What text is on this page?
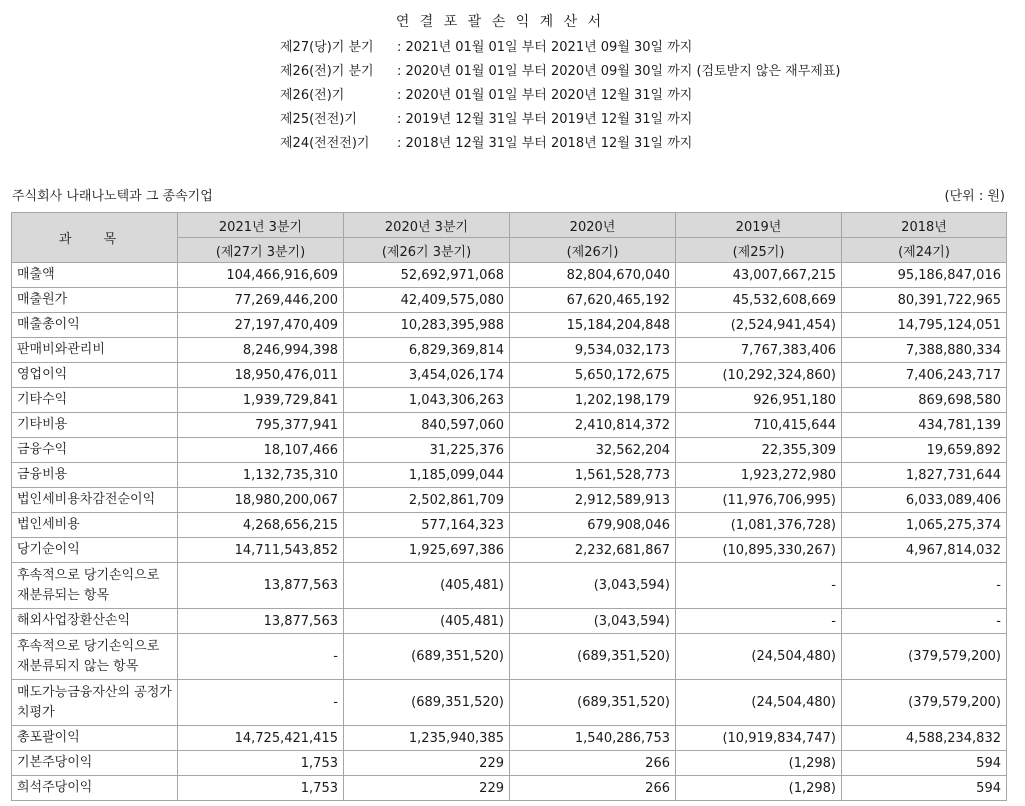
연 결 포 괄 손 익 계 산 서
제27(당)기 분기 : 2021년 01월 01일 부터 2021년 09월 30일 까지
제26(전)기 분기 : 2020년 01월 01일 부터 2020년 09월 30일 까지 (검토받지 않은 재무제표)
제26(전)기	: 2020년 01월 01일 부터 2020년 12월 31일 까지
제25(전전)기	: 2019년 12월 31일 부터 2019년 12월 31일 까지
제24(전전전)기 : 2018년 12월 31일 부터 2018년 12월 31일 까지
주식회사 나래나노텍과 그 종속기업	(단위 : 원)
과 목	2021년 3분기	2020년 3분기	2020년	2019년	2018년
	(제27기 3분기)	(제26기 3분기)	(제26기)	(제25기)	(제24기)
매출액	104,466,916,609	52,692,971,068	82,804,670,040	43,007,667,215	95,186,847,016
매출원가	77,269,446,200	42,409,575,080	67,620,465,192	45,532,608,669	80,391,722,965
매출총이익	27,197,470,409	10,283,395,988	15,184,204,848	(2,524,941,454)	14,795,124,051
판매비와관리비	8,246,994,398	6,829,369,814	9,534,032,173	7,767,383,406	7,388,880,334
영업이익	18,950,476,011	3,454,026,174	5,650,172,675	(10,292,324,860)	7,406,243,717
기타수익	1,939,729,841	1,043,306,263	1,202,198,179	926,951,180	869,698,580
기타비용	795,377,941	840,597,060	2,410,814,372	710,415,644	434,781,139
금융수익	18,107,466	31,225,376	32,562,204	22,355,309	19,659,892
금융비용	1,132,735,310	1,185,099,044	1,561,528,773	1,923,272,980	1,827,731,644
법인세비용차감전순이익	18,980,200,067	2,502,861,709	2,912,589,913	(11,976,706,995)	6,033,089,406
법인세비용	4,268,656,215	577,164,323	679,908,046	(1,081,376,728)	1,065,275,374
당기순이익	14,711,543,852	1,925,697,386	2,232,681,867	(10,895,330,267)	4,967,814,032
후속적으로 당기손익으로 재분류되는 항목	13,877,563	(405,481)	(3,043,594)	-	-
해외사업장환산손익	13,877,563	(405,481)	(3,043,594)	-	-
후속적으로 당기손익으로 재분류되지 않는 항목	-	(689,351,520)	(689,351,520)	(24,504,480)	(379,579,200)
매도가능금융자산의 공정가치평가	-	(689,351,520)	(689,351,520)	(24,504,480)	(379,579,200)
총포괄이익	14,725,421,415	1,235,940,385	1,540,286,753	(10,919,834,747)	4,588,234,832
기본주당이익	1,753	229	266	(1,298)	594
희석주당이익	1,753	229	266	(1,298)	594
